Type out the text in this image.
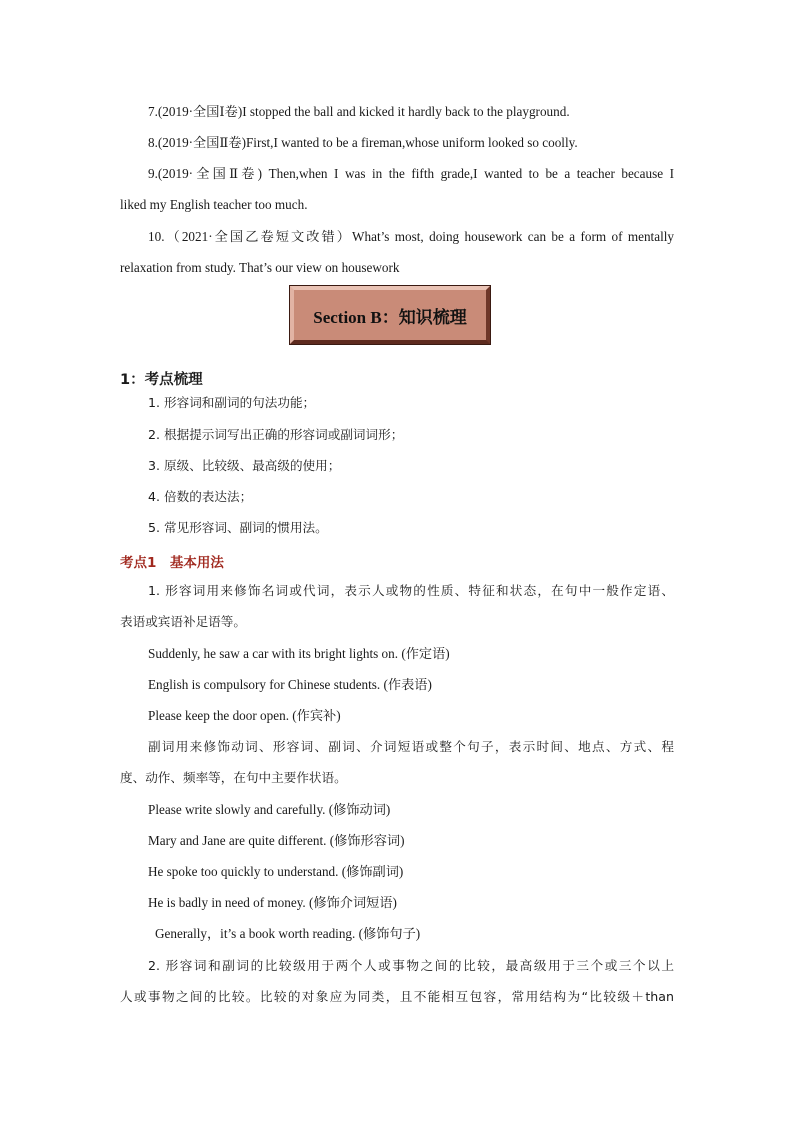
7.(2019·全国Ⅰ卷)I stopped the ball and kicked it hardly back to the playground.
8.(2019·全国Ⅱ卷)First,I wanted to be a fireman,whose uniform looked so coolly.
9.(2019·全国Ⅱ卷) Then,when I was in the fifth grade,I wanted to be a teacher because I
liked my English teacher too much.
10.（2021·全国乙卷短文改错）What’s most, doing housework can be a form of mentally
relaxation from study. That’s our view on housework
Section B：知识梳理
1：考点梳理
1. 形容词和副词的句法功能；
2. 根据提示词写出正确的形容词或副词词形；
3. 原级、比较级、最高级的使用；
4. 倍数的表达法；
5. 常见形容词、副词的惯用法。
考点1　基本用法
1. 形容词用来修饰名词或代词，表示人或物的性质、特征和状态，在句中一般作定语、
表语或宾语补足语等。
Suddenly, he saw a car with its bright lights on. (作定语)
English is compulsory for Chinese students. (作表语)
Please keep the door open. (作宾补)
副词用来修饰动词、形容词、副词、介词短语或整个句子，表示时间、地点、方式、程
度、动作、频率等，在句中主要作状语。
Please write slowly and carefully. (修饰动词)
Mary and Jane are quite different. (修饰形容词)
He spoke too quickly to understand. (修饰副词)
He is badly in need of money. (修饰介词短语)
Generally，it’s a book worth reading. (修饰句子)
2. 形容词和副词的比较级用于两个人或事物之间的比较，最高级用于三个或三个以上
人或事物之间的比较。比较的对象应为同类，且不能相互包容，常用结构为“比较级＋than
